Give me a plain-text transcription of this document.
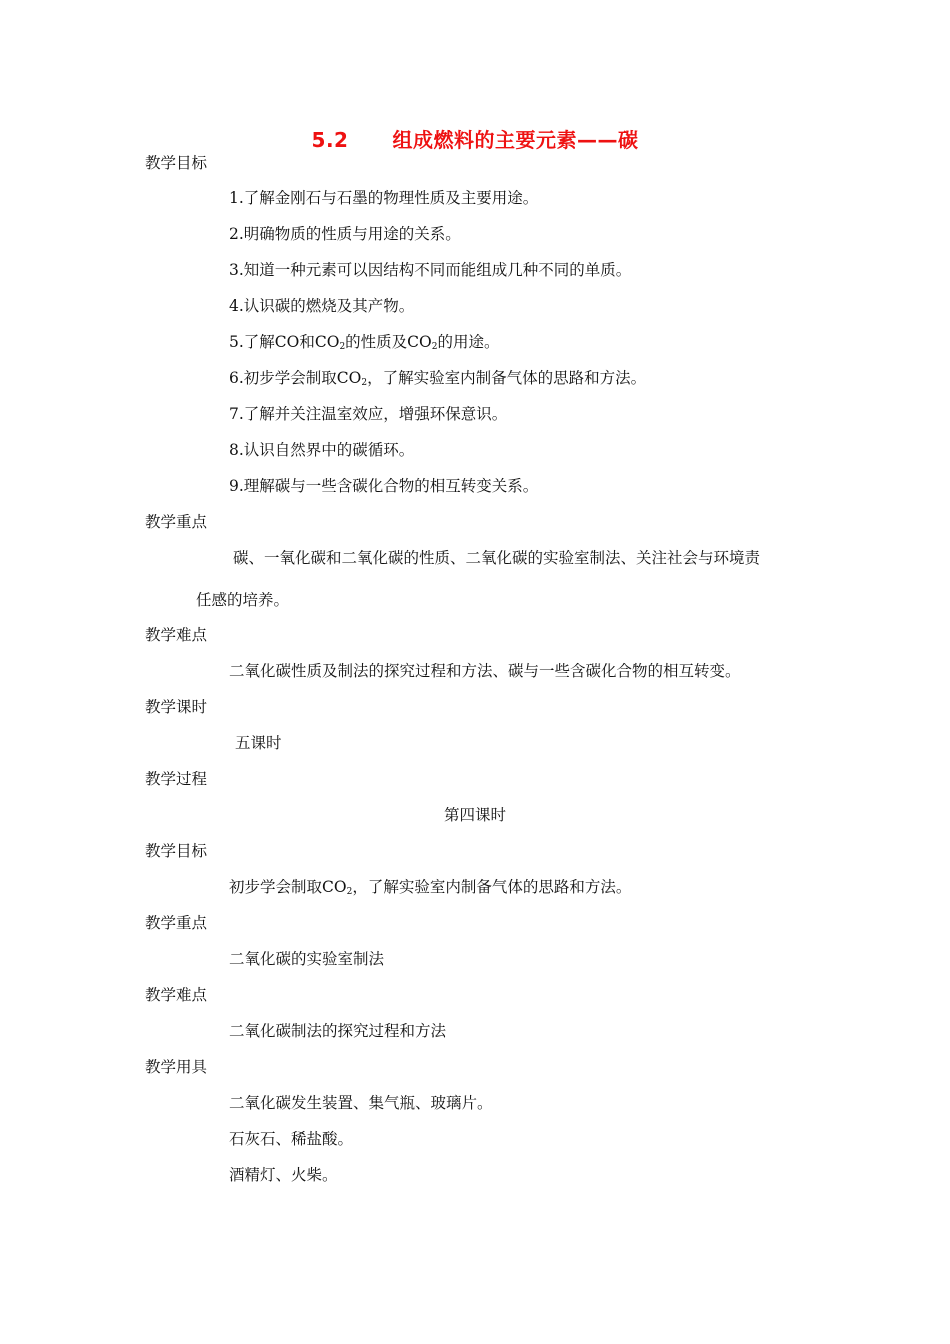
5.2 组成燃料的主要元素——碳
教学目标
1.了解金刚石与石墨的物理性质及主要用途。
2.明确物质的性质与用途的关系。
3.知道一种元素可以因结构不同而能组成几种不同的单质。
4.认识碳的燃烧及其产物。
5.了解CO和$CO_2$的性质及$CO_2$的用途。
6.初步学会制取$CO_2$，了解实验室内制备气体的思路和方法。
7.了解并关注温室效应，增强环保意识。
8.认识自然界中的碳循环。
9.理解碳与一些含碳化合物的相互转变关系。
教学重点
碳、一氧化碳和二氧化碳的性质、二氧化碳的实验室制法、关注社会与环境责
任感的培养。
教学难点
二氧化碳性质及制法的探究过程和方法、碳与一些含碳化合物的相互转变。
教学课时
五课时
教学过程
第四课时
教学目标
初步学会制取$CO_2$，了解实验室内制备气体的思路和方法。
教学重点
二氧化碳的实验室制法
教学难点
二氧化碳制法的探究过程和方法
教学用具
二氧化碳发生装置、集气瓶、玻璃片。
石灰石、稀盐酸。
酒精灯、火柴。
